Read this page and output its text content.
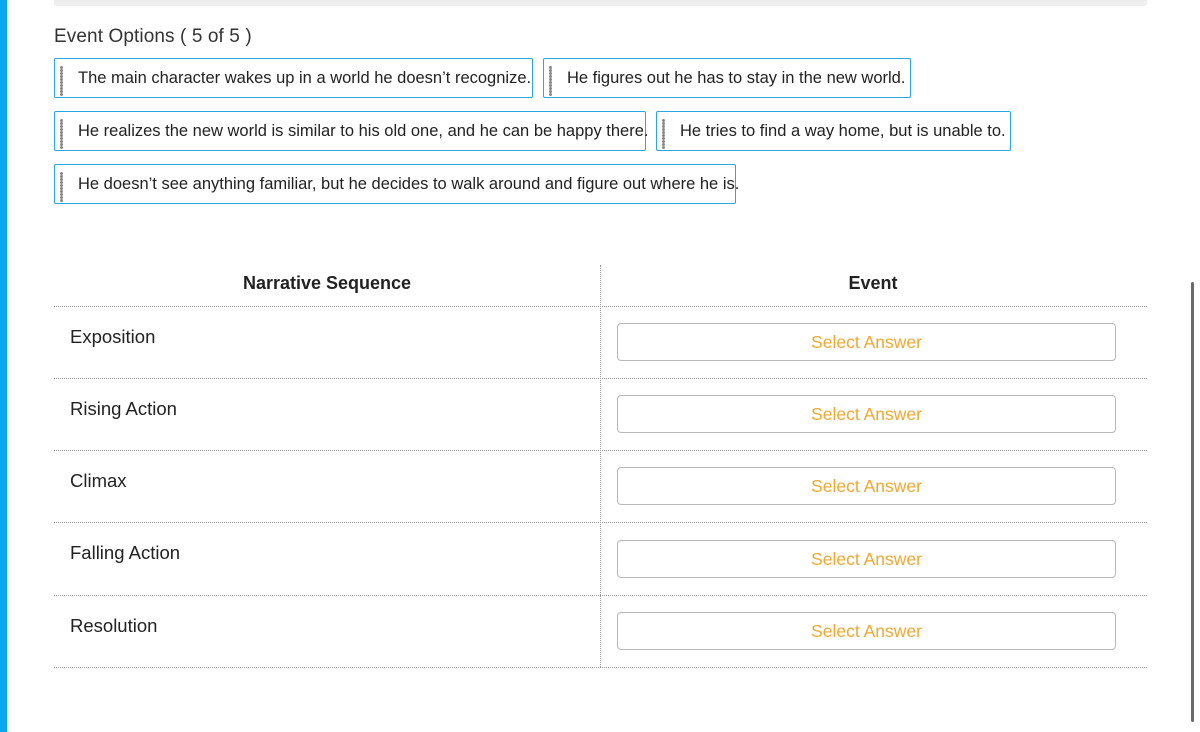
Event Options ( 5 of 5 )
The main character wakes up in a world he doesn’t recognize.	He figures out he has to stay in the new world.
He realizes the new world is similar to his old one, and he can be happy there.	He tries to find a way home, but is unable to.
He doesn’t see anything familiar, but he decides to walk around and figure out where he is.
Narrative Sequence	Event
Exposition	Select Answer
Rising Action	Select Answer
Climax	Select Answer
Falling Action	Select Answer
Resolution	Select Answer
